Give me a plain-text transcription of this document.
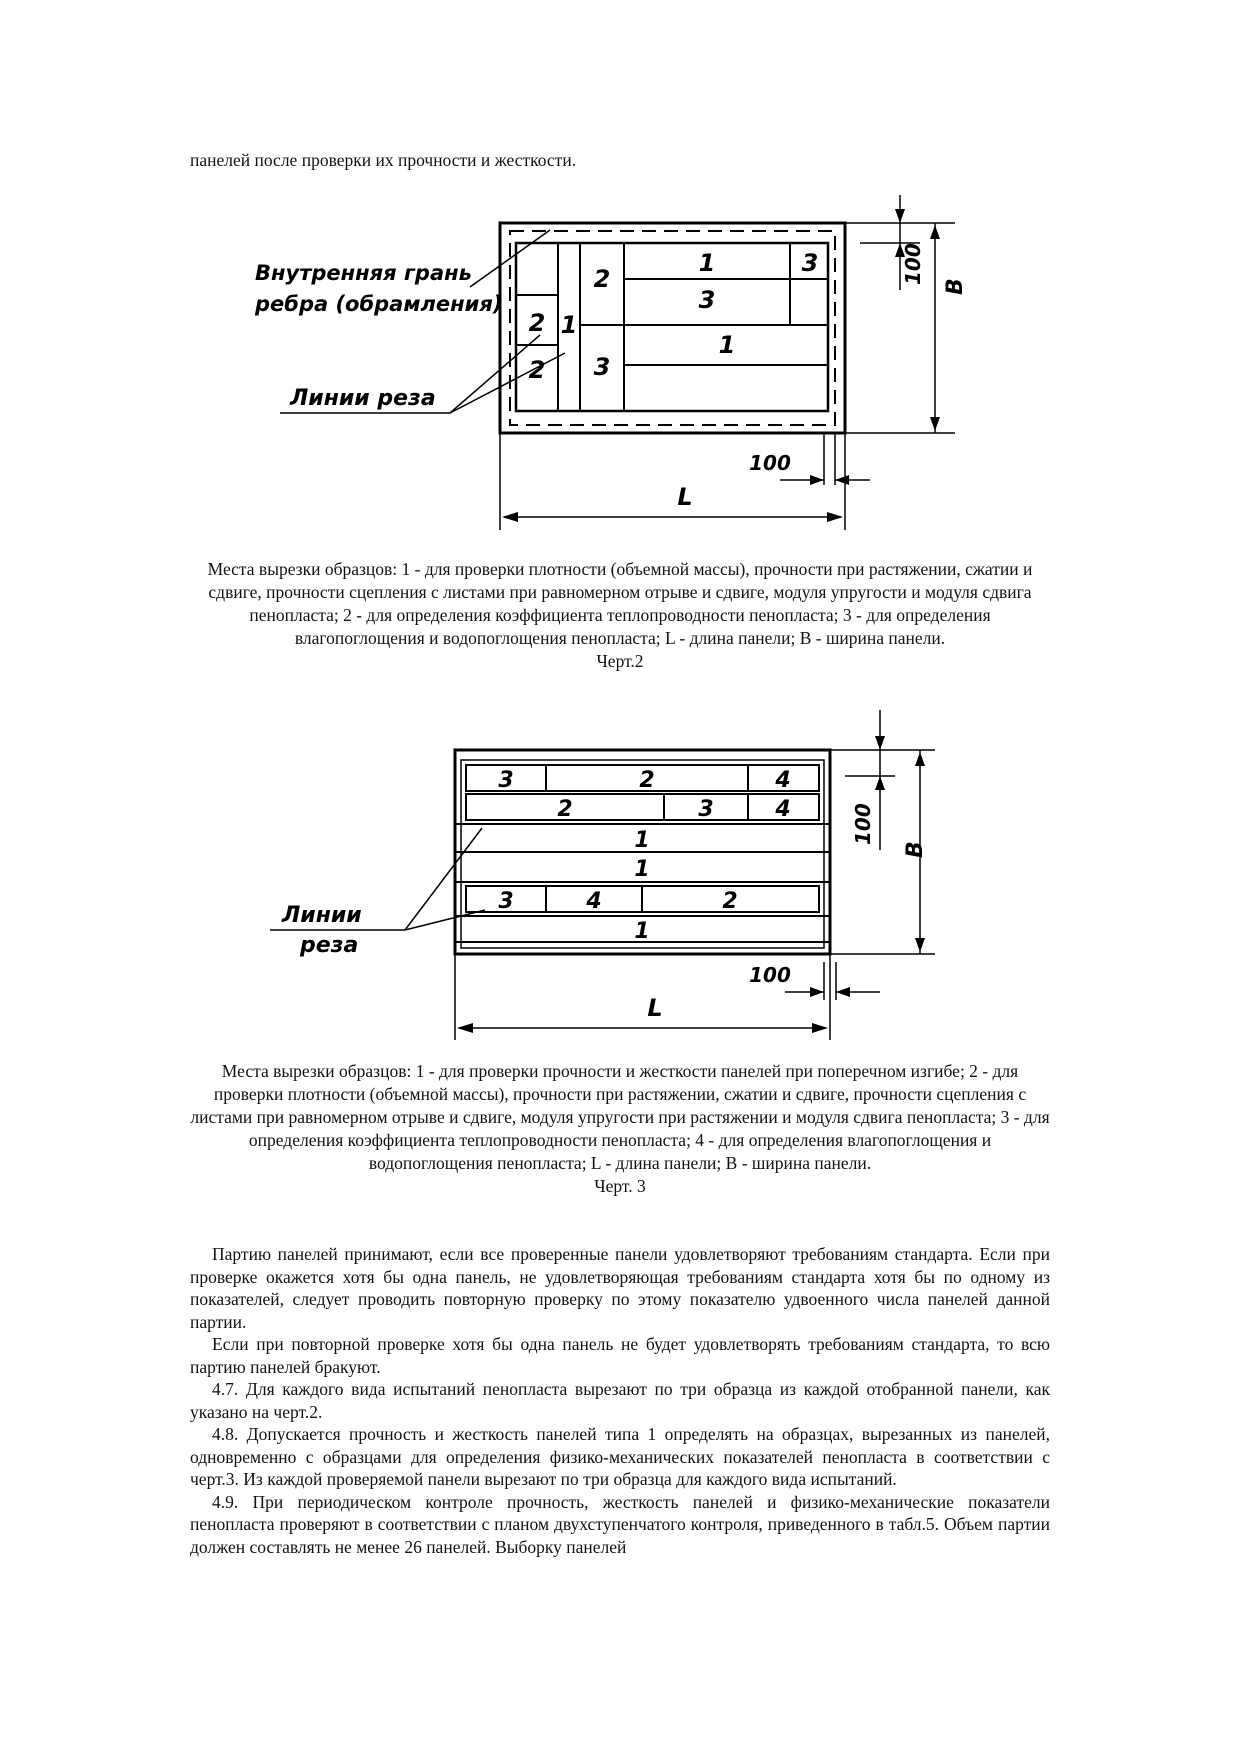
панелей после проверки их прочности и жесткости.
2
2
1
2
3
1	3
3
1
Внутренняя грань
ребра (обрамления)
Линии реза
100
B
100
L
Места вырезки образцов: 1 - для проверки плотности (объемной массы), прочности при растяжении, сжатии и сдвиге, прочности сцепления с листами при равномерном отрыве и сдвиге, модуля упругости и модуля сдвига пенопласта; 2 - для определения коэффициента теплопроводности пенопласта; 3 - для определения влагопоглощения и водопоглощения пенопласта; L - длина панели; B - ширина панели.
Черт.2
3	2	4
2	3	4
1
1
3	4	2
1
Линии
реза
100
B
100
L
Места вырезки образцов: 1 - для проверки прочности и жесткости панелей при поперечном изгибе; 2 - для проверки плотности (объемной массы), прочности при растяжении, сжатии и сдвиге, прочности сцепления с листами при равномерном отрыве и сдвиге, модуля упругости при растяжении и модуля сдвига пенопласта; 3 - для определения коэффициента теплопроводности пенопласта; 4 - для определения влагопоглощения и водопоглощения пенопласта; L - длина панели; B - ширина панели.
Черт. 3

Партию панелей принимают, если все проверенные панели удовлетворяют требованиям стандарта. Если при проверке окажется хотя бы одна панель, не удовлетворяющая требованиям стандарта хотя бы по одному из показателей, следует проводить повторную проверку по этому показателю удвоенного числа панелей данной партии.

Если при повторной проверке хотя бы одна панель не будет удовлетворять требованиям стандарта, то всю партию панелей бракуют.

4.7. Для каждого вида испытаний пенопласта вырезают по три образца из каждой отобранной панели, как указано на черт.2.

4.8. Допускается прочность и жесткость панелей типа 1 определять на образцах, вырезанных из панелей, одновременно с образцами для определения физико-механических показателей пенопласта в соответствии с черт.3. Из каждой проверяемой панели вырезают по три образца для каждого вида испытаний.

4.9. При периодическом контроле прочность, жесткость панелей и физико-механические показатели пенопласта проверяют в соответствии с планом двухступенчатого контроля, приведенного в табл.5. Объем партии должен составлять не менее 26 панелей. Выборку панелей
